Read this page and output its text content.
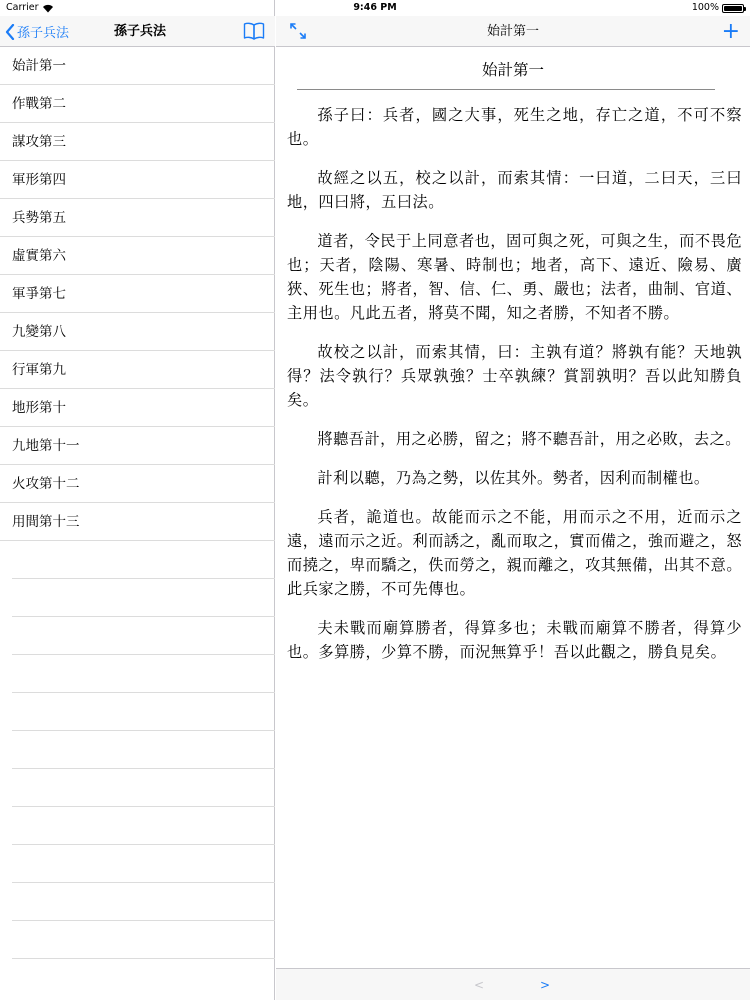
孫子兵法	孫子兵法
始計第一
作戰第二
謀攻第三
軍形第四
兵勢第五
虛實第六
軍爭第七
九變第八
行軍第九
地形第十
九地第十一
火攻第十二
用間第十三
始計第一	+
始計第一

孫子曰：兵者，國之大事，死生之地，存亡之道，不可不察也。

故經之以五，校之以計，而索其情：一曰道，二曰天，三曰地，四曰將，五曰法。

道者，令民于上同意者也，固可與之死，可與之生，而不畏危也；天者，陰陽、寒暑、時制也；地者，高下、遠近、險易、廣狹、死生也；將者，智、信、仁、勇、嚴也；法者，曲制、官道、主用也。凡此五者，將莫不聞，知之者勝，不知者不勝。

故校之以計，而索其情，曰：主孰有道？將孰有能？天地孰得？法令孰行？兵眾孰強？士卒孰練？賞罰孰明？吾以此知勝負矣。

將聽吾計，用之必勝，留之；將不聽吾計，用之必敗，去之。

計利以聽，乃為之勢，以佐其外。勢者，因利而制權也。

兵者，詭道也。故能而示之不能，用而示之不用，近而示之遠，遠而示之近。利而誘之，亂而取之，實而備之，強而避之，怒而撓之，卑而驕之，佚而勞之，親而離之，攻其無備，出其不意。此兵家之勝，不可先傳也。

夫未戰而廟算勝者，得算多也；未戰而廟算不勝者，得算少也。多算勝，少算不勝，而況無算乎！吾以此觀之，勝負見矣。

<	>
Carrier	9:46 PM	100%
